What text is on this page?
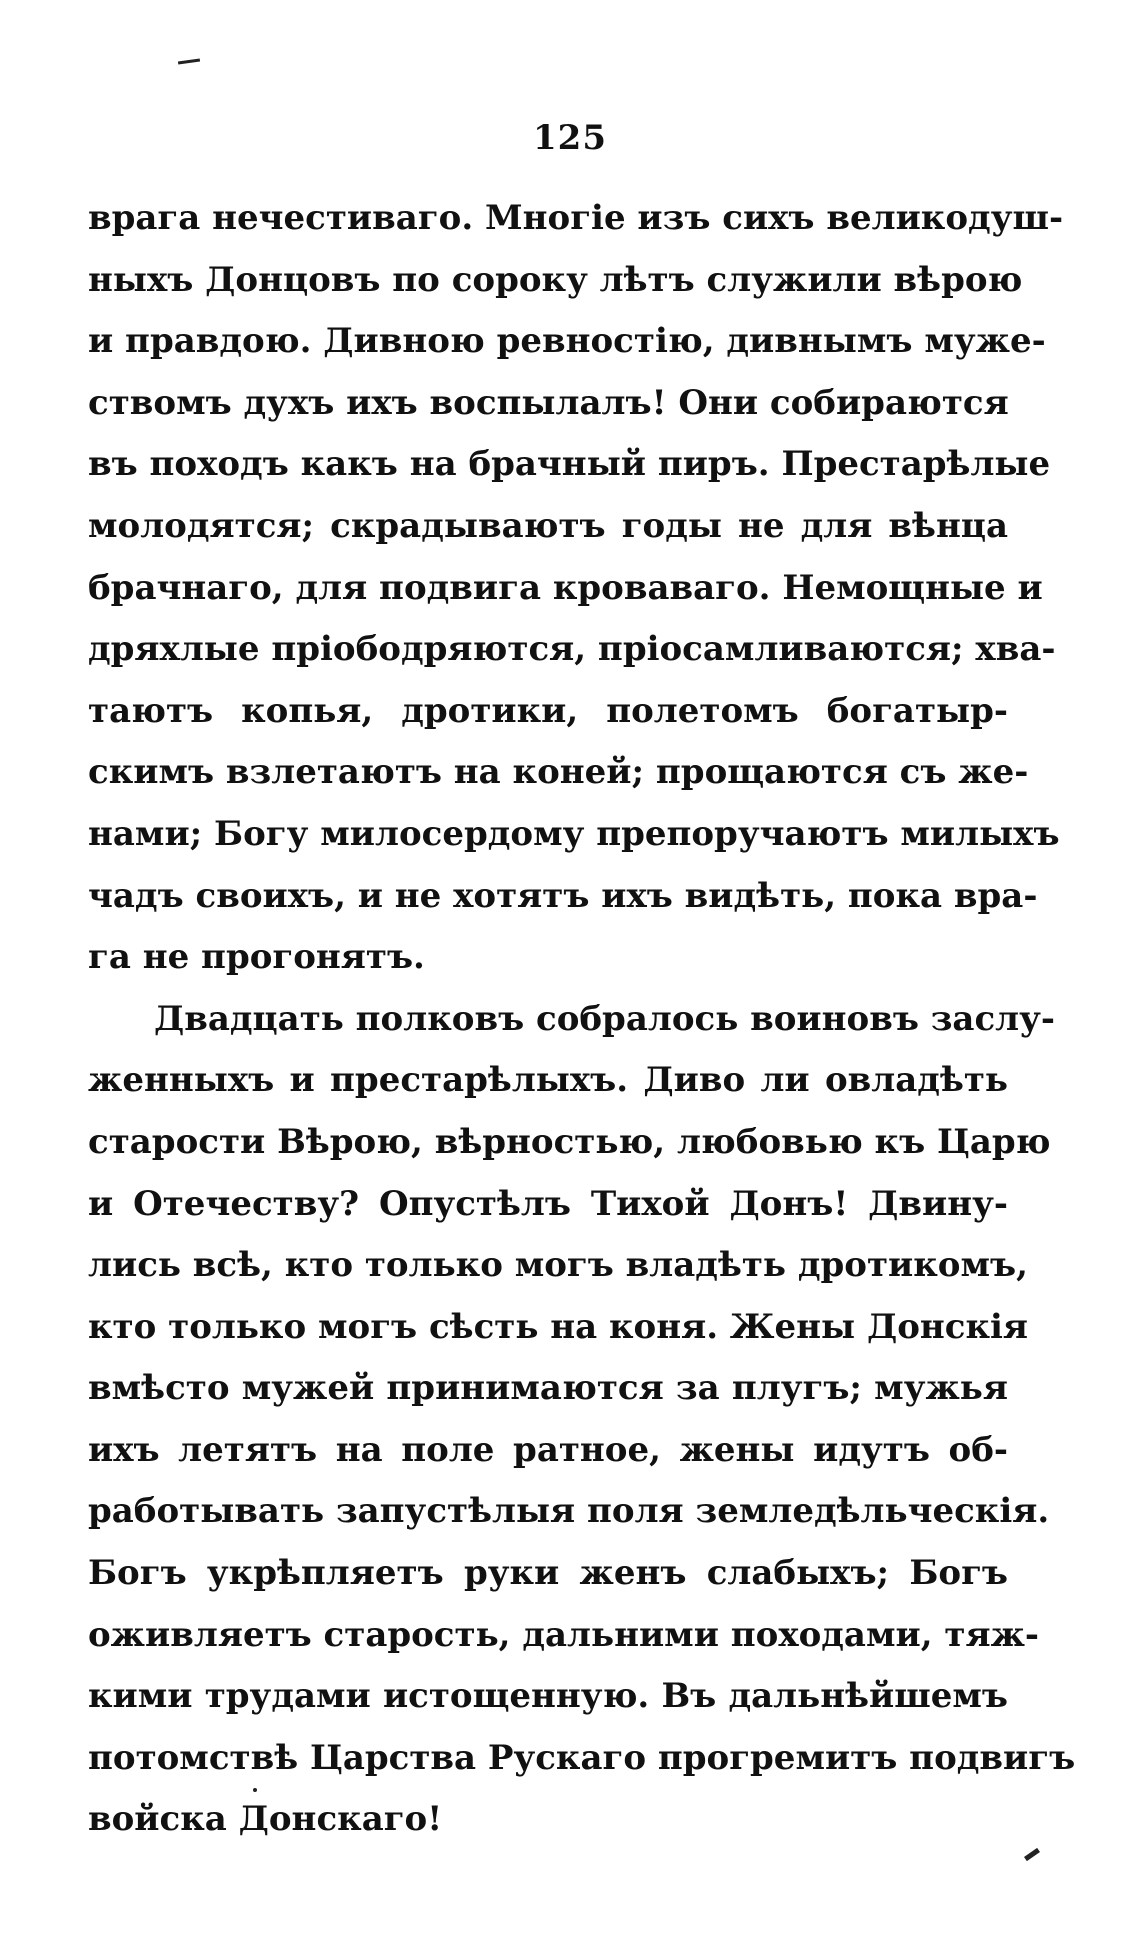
125
врага нечестиваго. Многіе изъ сихъ великодуш-
ныхъ Донцовъ по сороку лѣтъ служили вѣрою
и правдою. Дивною ревностію, дивнымъ муже-
ствомъ духъ ихъ воспылалъ! Они собираются
въ походъ какъ на брачный пиръ. Престарѣлые
молодятся; скрадываютъ годы не для вѣнца
брачнаго, для подвига кроваваго. Немощные и
дряхлые пріободряются, пріосамливаются; хва-
таютъ копья, дротики, полетомъ богатыр-
скимъ взлетаютъ на коней; прощаются съ же-
нами; Богу милосердому препоручаютъ милыхъ
чадъ своихъ, и не хотятъ ихъ видѣть, пока вра-
га не прогонятъ.
Двадцать полковъ собралось воиновъ заслу-
женныхъ и престарѣлыхъ. Диво ли овладѣть
старости Вѣрою, вѣрностью, любовью къ Царю
и Отечеству? Опустѣлъ Тихой Донъ! Двину-
лись всѣ, кто только могъ владѣть дротикомъ,
кто только могъ сѣсть на коня. Жены Донскія
вмѣсто мужей принимаются за плугъ; мужья
ихъ летятъ на поле ратное, жены идутъ об-
работывать запустѣлыя поля земледѣльческія.
Богъ укрѣпляетъ руки женъ слабыхъ; Богъ
оживляетъ старость, дальними походами, тяж-
кими трудами истощенную. Въ дальнѣйшемъ
потомствѣ Царства Рускаго прогремитъ подвигъ
войска Донскаго!
